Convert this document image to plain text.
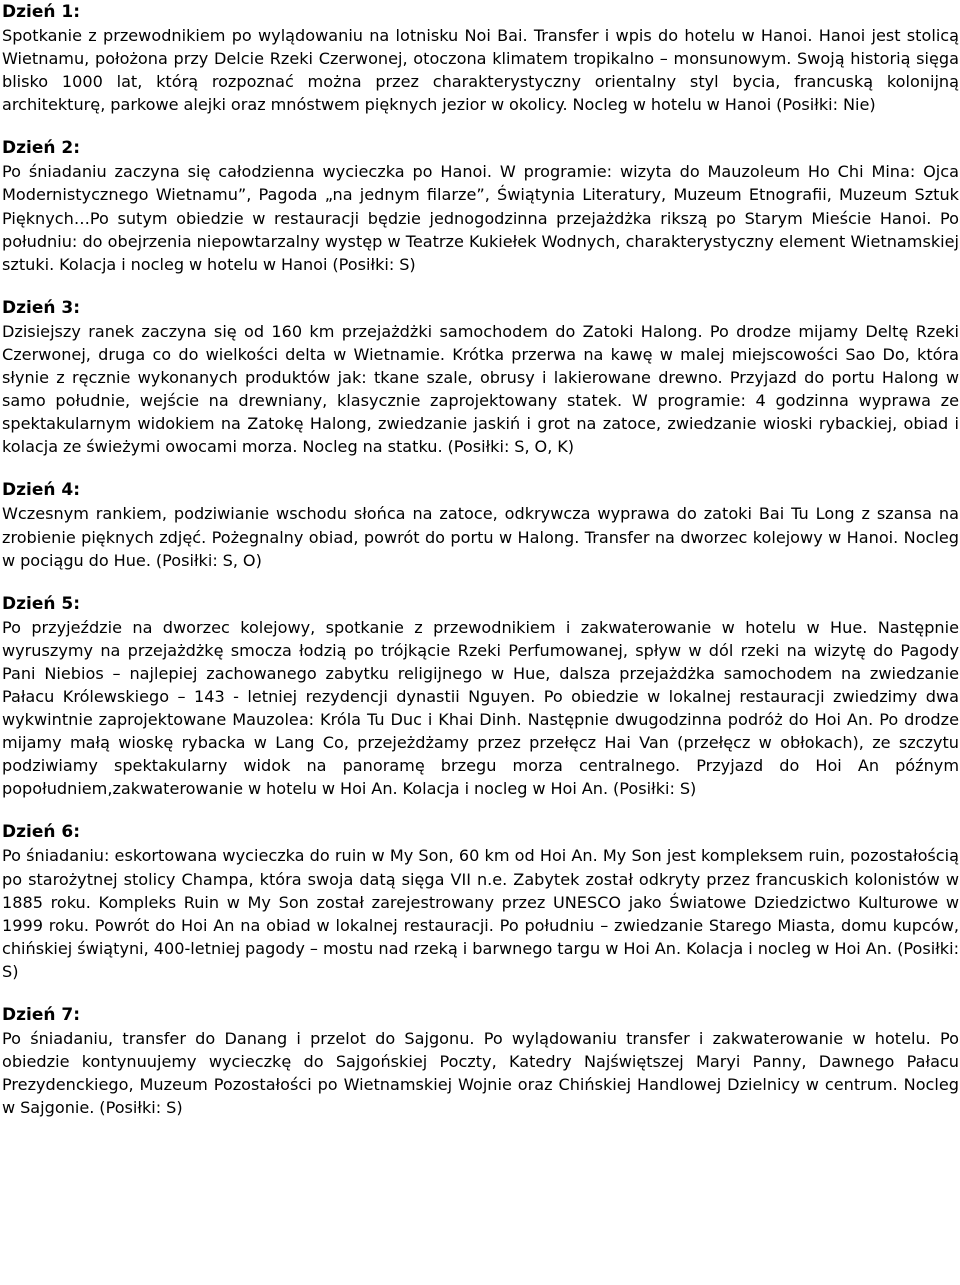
Dzień 1:

Spotkanie z przewodnikiem po wylądowaniu na lotnisku Noi Bai. Transfer i wpis do hotelu w Hanoi. Hanoi jest stolicą Wietnamu, położona przy Delcie Rzeki Czerwonej, otoczona klimatem tropikalno – monsunowym. Swoją historią sięga blisko 1000 lat, którą rozpoznać można przez charakterystyczny orientalny styl bycia, francuską kolonijną architekturę, parkowe alejki oraz mnóstwem pięknych jezior w okolicy. Nocleg w hotelu w Hanoi (Posiłki: Nie)

Dzień 2:

Po śniadaniu zaczyna się całodzienna wycieczka po Hanoi. W programie: wizyta do Mauzoleum Ho Chi Mina: Ojca Modernistycznego Wietnamu”, Pagoda „na jednym filarze”, Świątynia Literatury, Muzeum Etnografii, Muzeum Sztuk Pięknych…Po sutym obiedzie w restauracji będzie jednogodzinna przejażdżka rikszą po Starym Mieście Hanoi. Po południu: do obejrzenia niepowtarzalny występ w Teatrze Kukiełek Wodnych, charakterystyczny element Wietnamskiej sztuki. Kolacja i nocleg w hotelu w Hanoi (Posiłki: S)

Dzień 3:

Dzisiejszy ranek zaczyna się od 160 km przejażdżki samochodem do Zatoki Halong. Po drodze mijamy Deltę Rzeki Czerwonej, druga co do wielkości delta w Wietnamie. Krótka przerwa na kawę w malej miejscowości Sao Do, która słynie z ręcznie wykonanych produktów jak: tkane szale, obrusy i lakierowane drewno. Przyjazd do portu Halong w samo południe, wejście na drewniany, klasycznie zaprojektowany statek. W programie: 4 godzinna wyprawa ze spektakularnym widokiem na Zatokę Halong, zwiedzanie jaskiń i grot na zatoce, zwiedzanie wioski rybackiej, obiad i kolacja ze świeżymi owocami morza. Nocleg na statku. (Posiłki: S, O, K)

Dzień 4:

Wczesnym rankiem, podziwianie wschodu słońca na zatoce, odkrywcza wyprawa do zatoki Bai Tu Long z szansa na zrobienie pięknych zdjęć. Pożegnalny obiad, powrót do portu w Halong. Transfer na dworzec kolejowy w Hanoi. Nocleg w pociągu do Hue. (Posiłki: S, O)

Dzień 5:

Po przyjeździe na dworzec kolejowy, spotkanie z przewodnikiem i zakwaterowanie w hotelu w Hue. Następnie wyruszymy na przejażdżkę smocza łodzią po trójkącie Rzeki Perfumowanej, spływ w dól rzeki na wizytę do Pagody Pani Niebios – najlepiej zachowanego zabytku religijnego w Hue, dalsza przejażdżka samochodem na zwiedzanie Pałacu Królewskiego – 143 - letniej rezydencji dynastii Nguyen. Po obiedzie w lokalnej restauracji zwiedzimy dwa wykwintnie zaprojektowane Mauzolea: Króla Tu Duc i Khai Dinh. Następnie dwugodzinna podróż do Hoi An. Po drodze mijamy małą wioskę rybacka w Lang Co, przejeżdżamy przez przełęcz Hai Van (przełęcz w obłokach), ze szczytu podziwiamy spektakularny widok na panoramę brzegu morza centralnego. Przyjazd do Hoi An późnym popołudniem,zakwaterowanie w hotelu w Hoi An. Kolacja i nocleg w Hoi An. (Posiłki: S)

Dzień 6:

Po śniadaniu: eskortowana wycieczka do ruin w My Son, 60 km od Hoi An. My Son jest kompleksem ruin, pozostałością po starożytnej stolicy Champa, która swoja datą sięga VII n.e. Zabytek został odkryty przez francuskich kolonistów w 1885 roku. Kompleks Ruin w My Son został zarejestrowany przez UNESCO jako Światowe Dziedzictwo Kulturowe w 1999 roku. Powrót do Hoi An na obiad w lokalnej restauracji. Po południu – zwiedzanie Starego Miasta, domu kupców, chińskiej świątyni, 400-letniej pagody – mostu nad rzeką i barwnego targu w Hoi An. Kolacja i nocleg w Hoi An. (Posiłki: S)

Dzień 7:

Po śniadaniu, transfer do Danang i przelot do Sajgonu. Po wylądowaniu transfer i zakwaterowanie w hotelu. Po obiedzie kontynuujemy wycieczkę do Sajgońskiej Poczty, Katedry Najświętszej Maryi Panny, Dawnego Pałacu Prezydenckiego, Muzeum Pozostałości po Wietnamskiej Wojnie oraz Chińskiej Handlowej Dzielnicy w centrum. Nocleg w Sajgonie. (Posiłki: S)
